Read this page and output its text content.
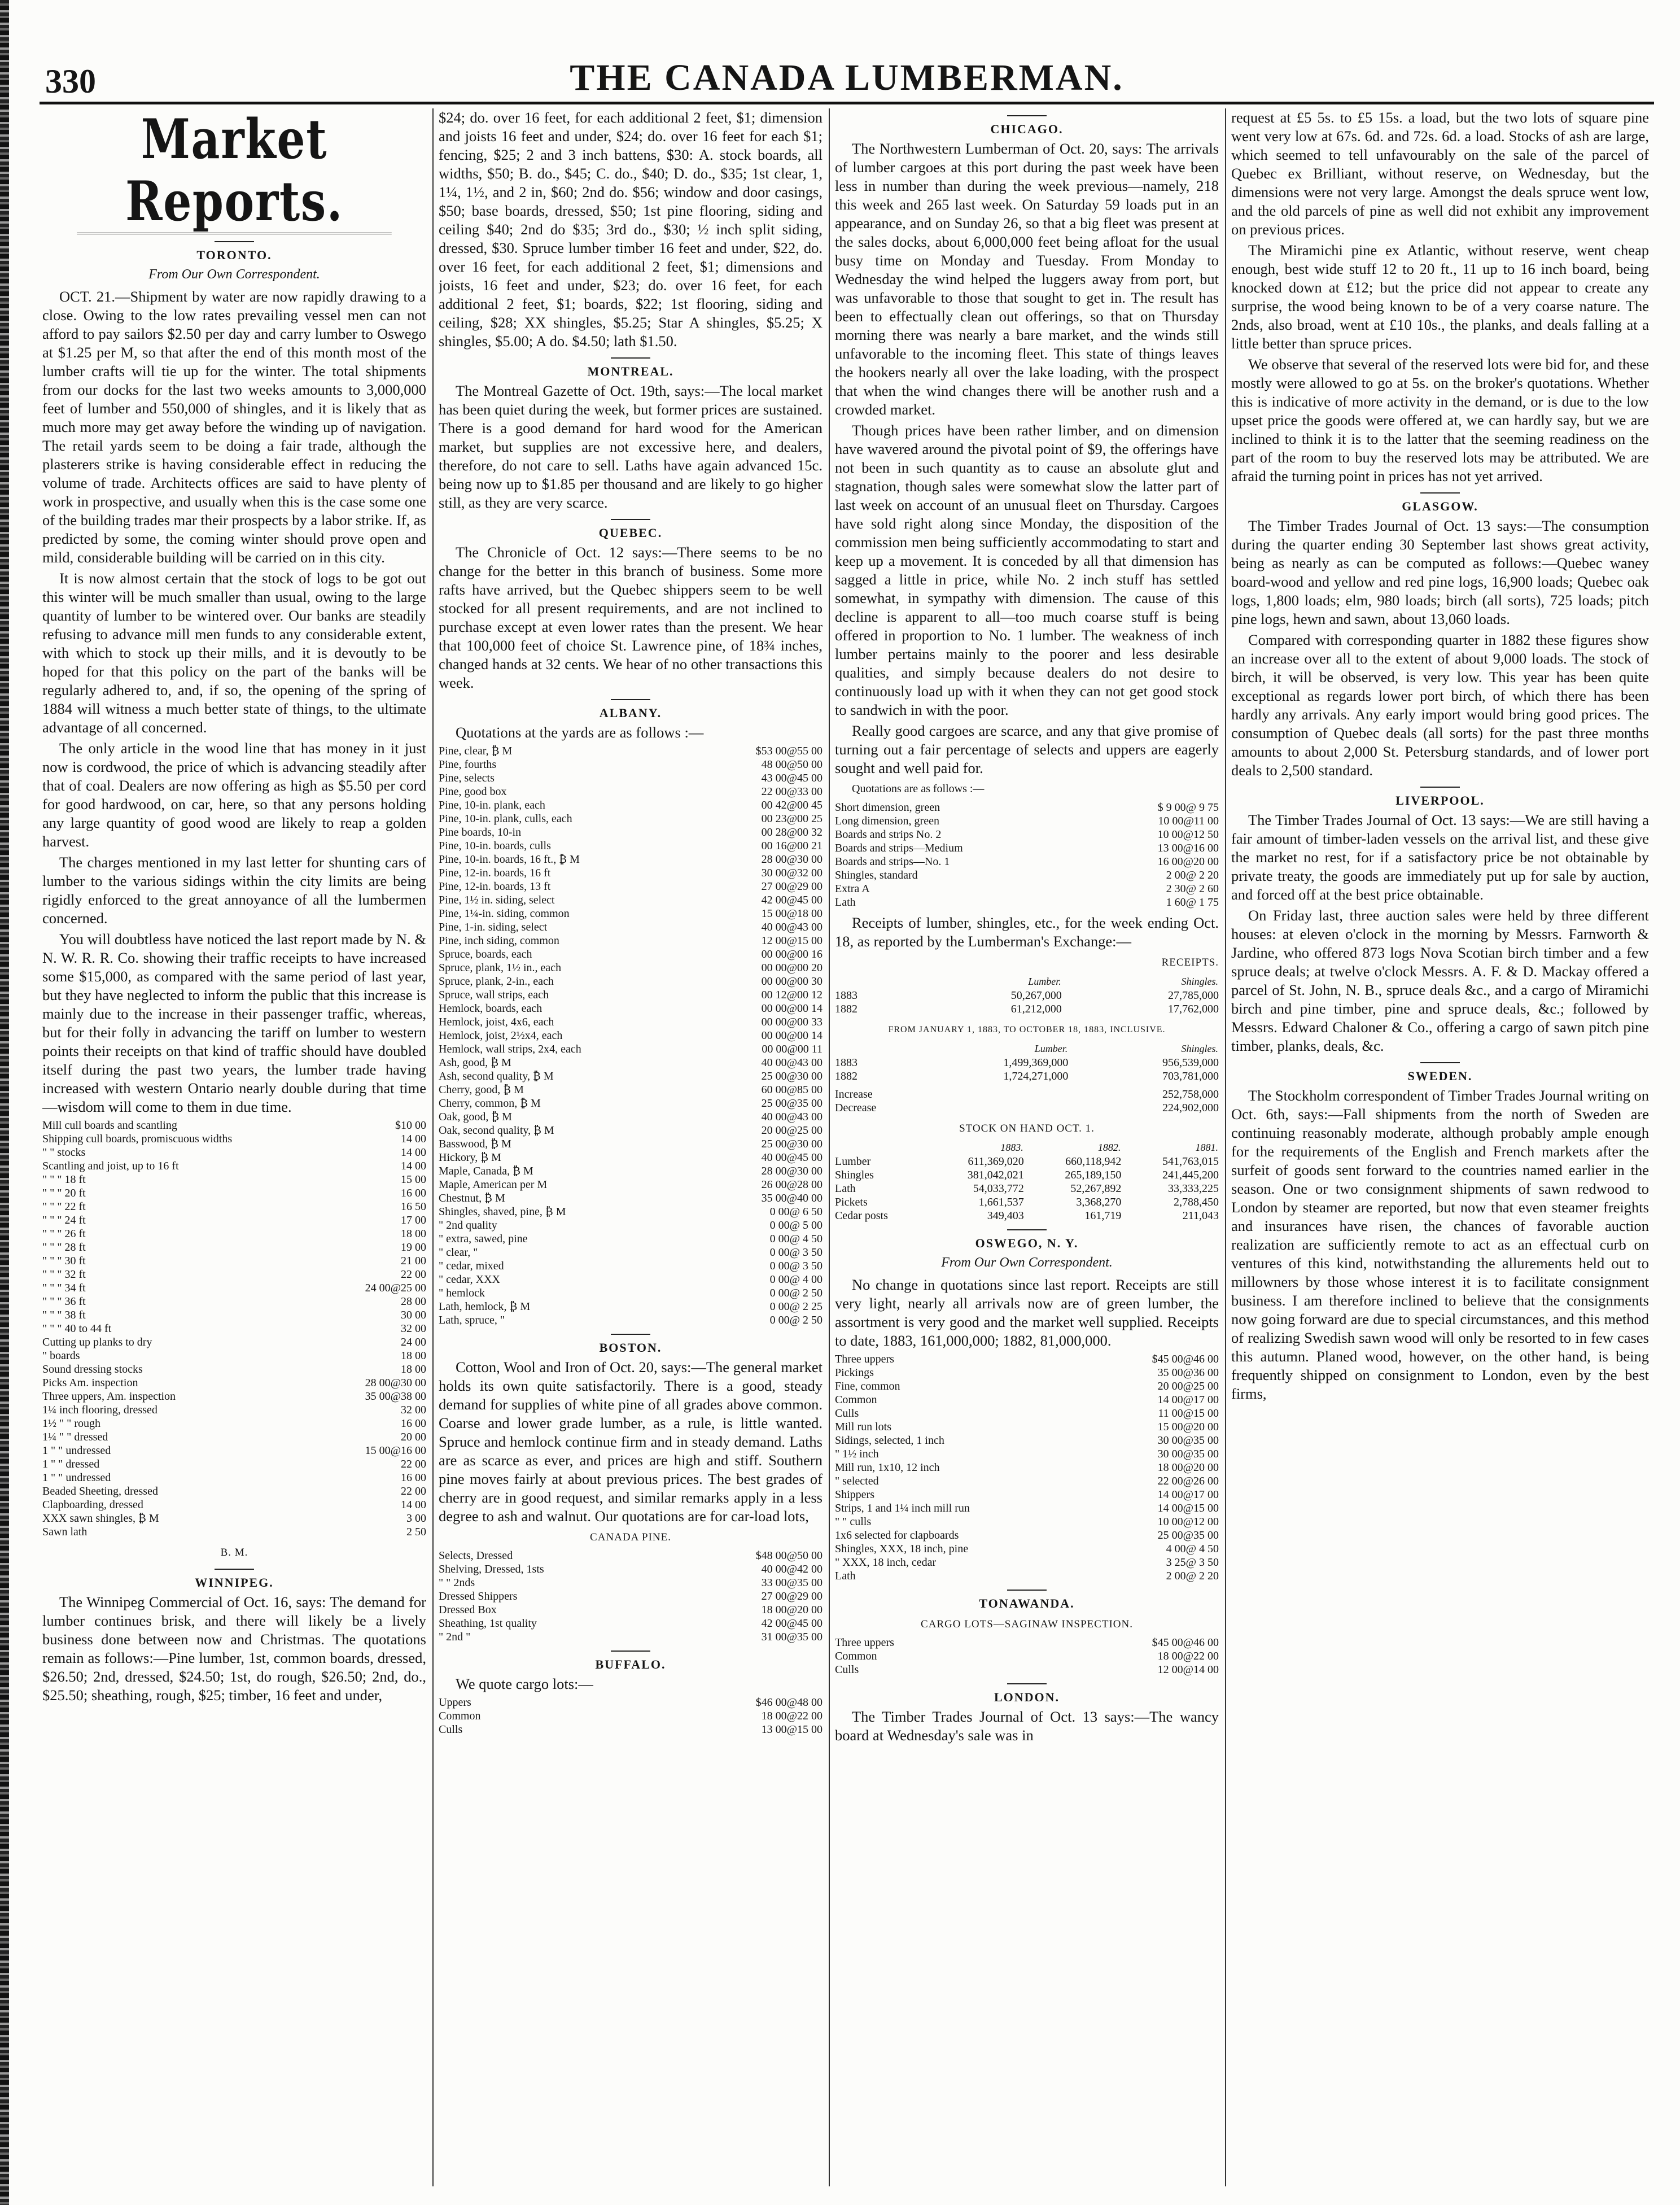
330	THE CANADA LUMBERMAN.
Market Reports.
TORONTO.
From Our Own Correspondent.

OCT. 21.—Shipment by water are now rapidly drawing to a close. Owing to the low rates prevailing vessel men can not afford to pay sailors $2.50 per day and carry lumber to Oswego at $1.25 per M, so that after the end of this month most of the lumber crafts will tie up for the winter. The total shipments from our docks for the last two weeks amounts to 3,000,000 feet of lumber and 550,000 of shingles, and it is likely that as much more may get away before the winding up of navigation. The retail yards seem to be doing a fair trade, although the plasterers strike is having considerable effect in reducing the volume of trade. Architects offices are said to have plenty of work in prospective, and usually when this is the case some one of the building trades mar their prospects by a labor strike. If, as predicted by some, the coming winter should prove open and mild, considerable building will be carried on in this city.

It is now almost certain that the stock of logs to be got out this winter will be much smaller than usual, owing to the large quantity of lumber to be wintered over. Our banks are steadily refusing to advance mill men funds to any considerable extent, with which to stock up their mills, and it is devoutly to be hoped for that this policy on the part of the banks will be regularly adhered to, and, if so, the opening of the spring of 1884 will witness a much better state of things, to the ultimate advantage of all concerned.

The only article in the wood line that has money in it just now is cordwood, the price of which is advancing steadily after that of coal. Dealers are now offering as high as $5.50 per cord for good hardwood, on car, here, so that any persons holding any large quantity of good wood are likely to reap a golden harvest.

The charges mentioned in my last letter for shunting cars of lumber to the various sidings within the city limits are being rigidly enforced to the great annoyance of all the lumbermen concerned.

You will doubtless have noticed the last report made by N. & N. W. R. R. Co. showing their traffic receipts to have increased some $15,000, as compared with the same period of last year, but they have neglected to inform the public that this increase is mainly due to the increase in their passenger traffic, whereas, but for their folly in advancing the tariff on lumber to western points their receipts on that kind of traffic should have doubled itself during the past two years, the lumber trade having increased with western Ontario nearly double during that time—wisdom will come to them in due time.

Mill cull boards and scantling	$10 00
Shipping cull boards, promiscuous widths	14 00
" " stocks	14 00
Scantling and joist, up to 16 ft	14 00
" " " 18 ft	15 00
" " " 20 ft	16 00
" " " 22 ft	16 50
" " " 24 ft	17 00
" " " 26 ft	18 00
" " " 28 ft	19 00
" " " 30 ft	21 00
" " " 32 ft	22 00
" " " 34 ft	24 00@25 00
" " " 36 ft	28 00
" " " 38 ft	30 00
" " " 40 to 44 ft	32 00
Cutting up planks to dry	24 00
" boards	18 00
Sound dressing stocks	18 00
Picks Am. inspection	28 00@30 00
Three uppers, Am. inspection	35 00@38 00
1¼ inch flooring, dressed	32 00
1½ " " rough	16 00
1¼ " " dressed	20 00
1 " " undressed	15 00@16 00
1 " " dressed	22 00
1 " " undressed	16 00
Beaded Sheeting, dressed	22 00
Clapboarding, dressed	14 00
XXX sawn shingles, ₿ M	3 00
Sawn lath	2 50
B. M.
WINNIPEG.

The Winnipeg Commercial of Oct. 16, says: The demand for lumber continues brisk, and there will likely be a lively business done between now and Christmas. The quotations remain as follows:—Pine lumber, 1st, common boards, dressed, $26.50; 2nd, dressed, $24.50; 1st, do rough, $26.50; 2nd, do., $25.50; sheathing, rough, $25; timber, 16 feet and under,

$24; do. over 16 feet, for each additional 2 feet, $1; dimension and joists 16 feet and under, $24; do. over 16 feet for each $1; fencing, $25; 2 and 3 inch battens, $30: A. stock boards, all widths, $50; B. do., $45; C. do., $40; D. do., $35; 1st clear, 1, 1¼, 1½, and 2 in, $60; 2nd do. $56; window and door casings, $50; base boards, dressed, $50; 1st pine flooring, siding and ceiling $40; 2nd do $35; 3rd do., $30; ½ inch split siding, dressed, $30. Spruce lumber timber 16 feet and under, $22, do. over 16 feet, for each additional 2 feet, $1; dimensions and joists, 16 feet and under, $23; do. over 16 feet, for each additional 2 feet, $1; boards, $22; 1st flooring, siding and ceiling, $28; XX shingles, $5.25; Star A shingles, $5.25; X shingles, $5.00; A do. $4.50; lath $1.50.

MONTREAL.

The Montreal Gazette of Oct. 19th, says:—The local market has been quiet during the week, but former prices are sustained. There is a good demand for hard wood for the American market, but supplies are not excessive here, and dealers, therefore, do not care to sell. Laths have again advanced 15c. being now up to $1.85 per thousand and are likely to go higher still, as they are very scarce.

QUEBEC.

The Chronicle of Oct. 12 says:—There seems to be no change for the better in this branch of business. Some more rafts have arrived, but the Quebec shippers seem to be well stocked for all present requirements, and are not inclined to purchase except at even lower rates than the present. We hear that 100,000 feet of choice St. Lawrence pine, of 18¾ inches, changed hands at 32 cents. We hear of no other transactions this week.

ALBANY.

Quotations at the yards are as follows :—

Pine, clear, ₿ M	$53 00@55 00
Pine, fourths	48 00@50 00
Pine, selects	43 00@45 00
Pine, good box	22 00@33 00
Pine, 10-in. plank, each	00 42@00 45
Pine, 10-in. plank, culls, each	00 23@00 25
Pine boards, 10-in	00 28@00 32
Pine, 10-in. boards, culls	00 16@00 21
Pine, 10-in. boards, 16 ft., ₿ M	28 00@30 00
Pine, 12-in. boards, 16 ft	30 00@32 00
Pine, 12-in. boards, 13 ft	27 00@29 00
Pine, 1½ in. siding, select	42 00@45 00
Pine, 1¼-in. siding, common	15 00@18 00
Pine, 1-in. siding, select	40 00@43 00
Pine, inch siding, common	12 00@15 00
Spruce, boards, each	00 00@00 16
Spruce, plank, 1½ in., each	00 00@00 20
Spruce, plank, 2-in., each	00 00@00 30
Spruce, wall strips, each	00 12@00 12
Hemlock, boards, each	00 00@00 14
Hemlock, joist, 4x6, each	00 00@00 33
Hemlock, joist, 2½x4, each	00 00@00 14
Hemlock, wall strips, 2x4, each	00 00@00 11
Ash, good, ₿ M	40 00@43 00
Ash, second quality, ₿ M	25 00@30 00
Cherry, good, ₿ M	60 00@85 00
Cherry, common, ₿ M	25 00@35 00
Oak, good, ₿ M	40 00@43 00
Oak, second quality, ₿ M	20 00@25 00
Basswood, ₿ M	25 00@30 00
Hickory, ₿ M	40 00@45 00
Maple, Canada, ₿ M	28 00@30 00
Maple, American per M	26 00@28 00
Chestnut, ₿ M	35 00@40 00
Shingles, shaved, pine, ₿ M	0 00@ 6 50
" 2nd quality	0 00@ 5 00
" extra, sawed, pine	0 00@ 4 50
" clear, "	0 00@ 3 50
" cedar, mixed	0 00@ 3 50
" cedar, XXX	0 00@ 4 00
" hemlock	0 00@ 2 50
Lath, hemlock, ₿ M	0 00@ 2 25
Lath, spruce, "	0 00@ 2 50
BOSTON.

Cotton, Wool and Iron of Oct. 20, says:—The general market holds its own quite satisfactorily. There is a good, steady demand for supplies of white pine of all grades above common. Coarse and lower grade lumber, as a rule, is little wanted. Spruce and hemlock continue firm and in steady demand. Laths are as scarce as ever, and prices are high and stiff. Southern pine moves fairly at about previous prices. The best grades of cherry are in good request, and similar remarks apply in a less degree to ash and walnut. Our quotations are for car-load lots,

CANADA PINE.
Selects, Dressed	$48 00@50 00
Shelving, Dressed, 1sts	40 00@42 00
" " 2nds	33 00@35 00
Dressed Shippers	27 00@29 00
Dressed Box	18 00@20 00
Sheathing, 1st quality	42 00@45 00
" 2nd "	31 00@35 00
BUFFALO.

We quote cargo lots:—

Uppers	$46 00@48 00
Common	18 00@22 00
Culls	13 00@15 00
CHICAGO.

The Northwestern Lumberman of Oct. 20, says: The arrivals of lumber cargoes at this port during the past week have been less in number than during the week previous—namely, 218 this week and 265 last week. On Saturday 59 loads put in an appearance, and on Sunday 26, so that a big fleet was present at the sales docks, about 6,000,000 feet being afloat for the usual busy time on Monday and Tuesday. From Monday to Wednesday the wind helped the luggers away from port, but was unfavorable to those that sought to get in. The result has been to effectually clean out offerings, so that on Thursday morning there was nearly a bare market, and the winds still unfavorable to the incoming fleet. This state of things leaves the hookers nearly all over the lake loading, with the prospect that when the wind changes there will be another rush and a crowded market.

Though prices have been rather limber, and on dimension have wavered around the pivotal point of $9, the offerings have not been in such quantity as to cause an absolute glut and stagnation, though sales were somewhat slow the latter part of last week on account of an unusual fleet on Thursday. Cargoes have sold right along since Monday, the disposition of the commission men being sufficiently accommodating to start and keep up a movement. It is conceded by all that dimension has sagged a little in price, while No. 2 inch stuff has settled somewhat, in sympathy with dimension. The cause of this decline is apparent to all—too much coarse stuff is being offered in proportion to No. 1 lumber. The weakness of inch lumber pertains mainly to the poorer and less desirable qualities, and simply because dealers do not desire to continuously load up with it when they can not get good stock to sandwich in with the poor.

Really good cargoes are scarce, and any that give promise of turning out a fair percentage of selects and uppers are eagerly sought and well paid for.

Quotations are as follows :—

Short dimension, green	$ 9 00@ 9 75
Long dimension, green	10 00@11 00
Boards and strips No. 2	10 00@12 50
Boards and strips—Medium	13 00@16 00
Boards and strips—No. 1	16 00@20 00
Shingles, standard	2 00@ 2 20
Extra A	2 30@ 2 60
Lath	1 60@ 1 75

Receipts of lumber, shingles, etc., for the week ending Oct. 18, as reported by the Lumberman's Exchange:—

RECEIPTS.
	Lumber.	Shingles.
1883	50,267,000	27,785,000
1882	61,212,000	17,762,000
FROM JANUARY 1, 1883, TO OCTOBER 18, 1883, INCLUSIVE.
	Lumber.	Shingles.
1883	1,499,369,000	956,539,000
1882	1,724,271,000	703,781,000
Increase	252,758,000
Decrease	224,902,000
STOCK ON HAND OCT. 1.
	1883.	1882.	1881.
Lumber	611,369,020	660,118,942	541,763,015
Shingles	381,042,021	265,189,150	241,445,200
Lath	54,033,772	52,267,892	33,333,225
Pickets	1,661,537	3,368,270	2,788,450
Cedar posts	349,403	161,719	211,043
OSWEGO, N. Y.
From Our Own Correspondent.

No change in quotations since last report. Receipts are still very light, nearly all arrivals now are of green lumber, the assortment is very good and the market well supplied. Receipts to date, 1883, 161,000,000; 1882, 81,000,000.

Three uppers	$45 00@46 00
Pickings	35 00@36 00
Fine, common	20 00@25 00
Common	14 00@17 00
Culls	11 00@15 00
Mill run lots	15 00@20 00
Sidings, selected, 1 inch	30 00@35 00
" 1½ inch	30 00@35 00
Mill run, 1x10, 12 inch	18 00@20 00
" selected	22 00@26 00
Shippers	14 00@17 00
Strips, 1 and 1¼ inch mill run	14 00@15 00
" " culls	10 00@12 00
1x6 selected for clapboards	25 00@35 00
Shingles, XXX, 18 inch, pine	4 00@ 4 50
" XXX, 18 inch, cedar	3 25@ 3 50
Lath	2 00@ 2 20
TONAWANDA.
CARGO LOTS—SAGINAW INSPECTION.
Three uppers	$45 00@46 00
Common	18 00@22 00
Culls	12 00@14 00
LONDON.

The Timber Trades Journal of Oct. 13 says:—The wancy board at Wednesday's sale was in

request at £5 5s. to £5 15s. a load, but the two lots of square pine went very low at 67s. 6d. and 72s. 6d. a load. Stocks of ash are large, which seemed to tell unfavourably on the sale of the parcel of Quebec ex Brilliant, without reserve, on Wednesday, but the dimensions were not very large. Amongst the deals spruce went low, and the old parcels of pine as well did not exhibit any improvement on previous prices.

The Miramichi pine ex Atlantic, without reserve, went cheap enough, best wide stuff 12 to 20 ft., 11 up to 16 inch board, being knocked down at £12; but the price did not appear to create any surprise, the wood being known to be of a very coarse nature. The 2nds, also broad, went at £10 10s., the planks, and deals falling at a little better than spruce prices.

We observe that several of the reserved lots were bid for, and these mostly were allowed to go at 5s. on the broker's quotations. Whether this is indicative of more activity in the demand, or is due to the low upset price the goods were offered at, we can hardly say, but we are inclined to think it is to the latter that the seeming readiness on the part of the room to buy the reserved lots may be attributed. We are afraid the turning point in prices has not yet arrived.

GLASGOW.

The Timber Trades Journal of Oct. 13 says:—The consumption during the quarter ending 30 September last shows great activity, being as nearly as can be computed as follows:—Quebec waney board-wood and yellow and red pine logs, 16,900 loads; Quebec oak logs, 1,800 loads; elm, 980 loads; birch (all sorts), 725 loads; pitch pine logs, hewn and sawn, about 13,060 loads.

Compared with corresponding quarter in 1882 these figures show an increase over all to the extent of about 9,000 loads. The stock of birch, it will be observed, is very low. This year has been quite exceptional as regards lower port birch, of which there has been hardly any arrivals. Any early import would bring good prices. The consumption of Quebec deals (all sorts) for the past three months amounts to about 2,000 St. Petersburg standards, and of lower port deals to 2,500 standard.

LIVERPOOL.

The Timber Trades Journal of Oct. 13 says:—We are still having a fair amount of timber-laden vessels on the arrival list, and these give the market no rest, for if a satisfactory price be not obtainable by private treaty, the goods are immediately put up for sale by auction, and forced off at the best price obtainable.

On Friday last, three auction sales were held by three different houses: at eleven o'clock in the morning by Messrs. Farnworth & Jardine, who offered 873 logs Nova Scotian birch timber and a few spruce deals; at twelve o'clock Messrs. A. F. & D. Mackay offered a parcel of St. John, N. B., spruce deals &c., and a cargo of Miramichi birch and pine timber, pine and spruce deals, &c.; followed by Messrs. Edward Chaloner & Co., offering a cargo of sawn pitch pine timber, planks, deals, &c.

SWEDEN.

The Stockholm correspondent of Timber Trades Journal writing on Oct. 6th, says:—Fall shipments from the north of Sweden are continuing reasonably moderate, although probably ample enough for the requirements of the English and French markets after the surfeit of goods sent forward to the countries named earlier in the season. One or two consignment shipments of sawn redwood to London by steamer are reported, but now that even steamer freights and insurances have risen, the chances of favorable auction realization are sufficiently remote to act as an effectual curb on ventures of this kind, notwithstanding the allurements held out to millowners by those whose interest it is to facilitate consignment business. I am therefore inclined to believe that the consignments now going forward are due to special circumstances, and this method of realizing Swedish sawn wood will only be resorted to in few cases this autumn. Planed wood, however, on the other hand, is being frequently shipped on consignment to London, even by the best firms,
